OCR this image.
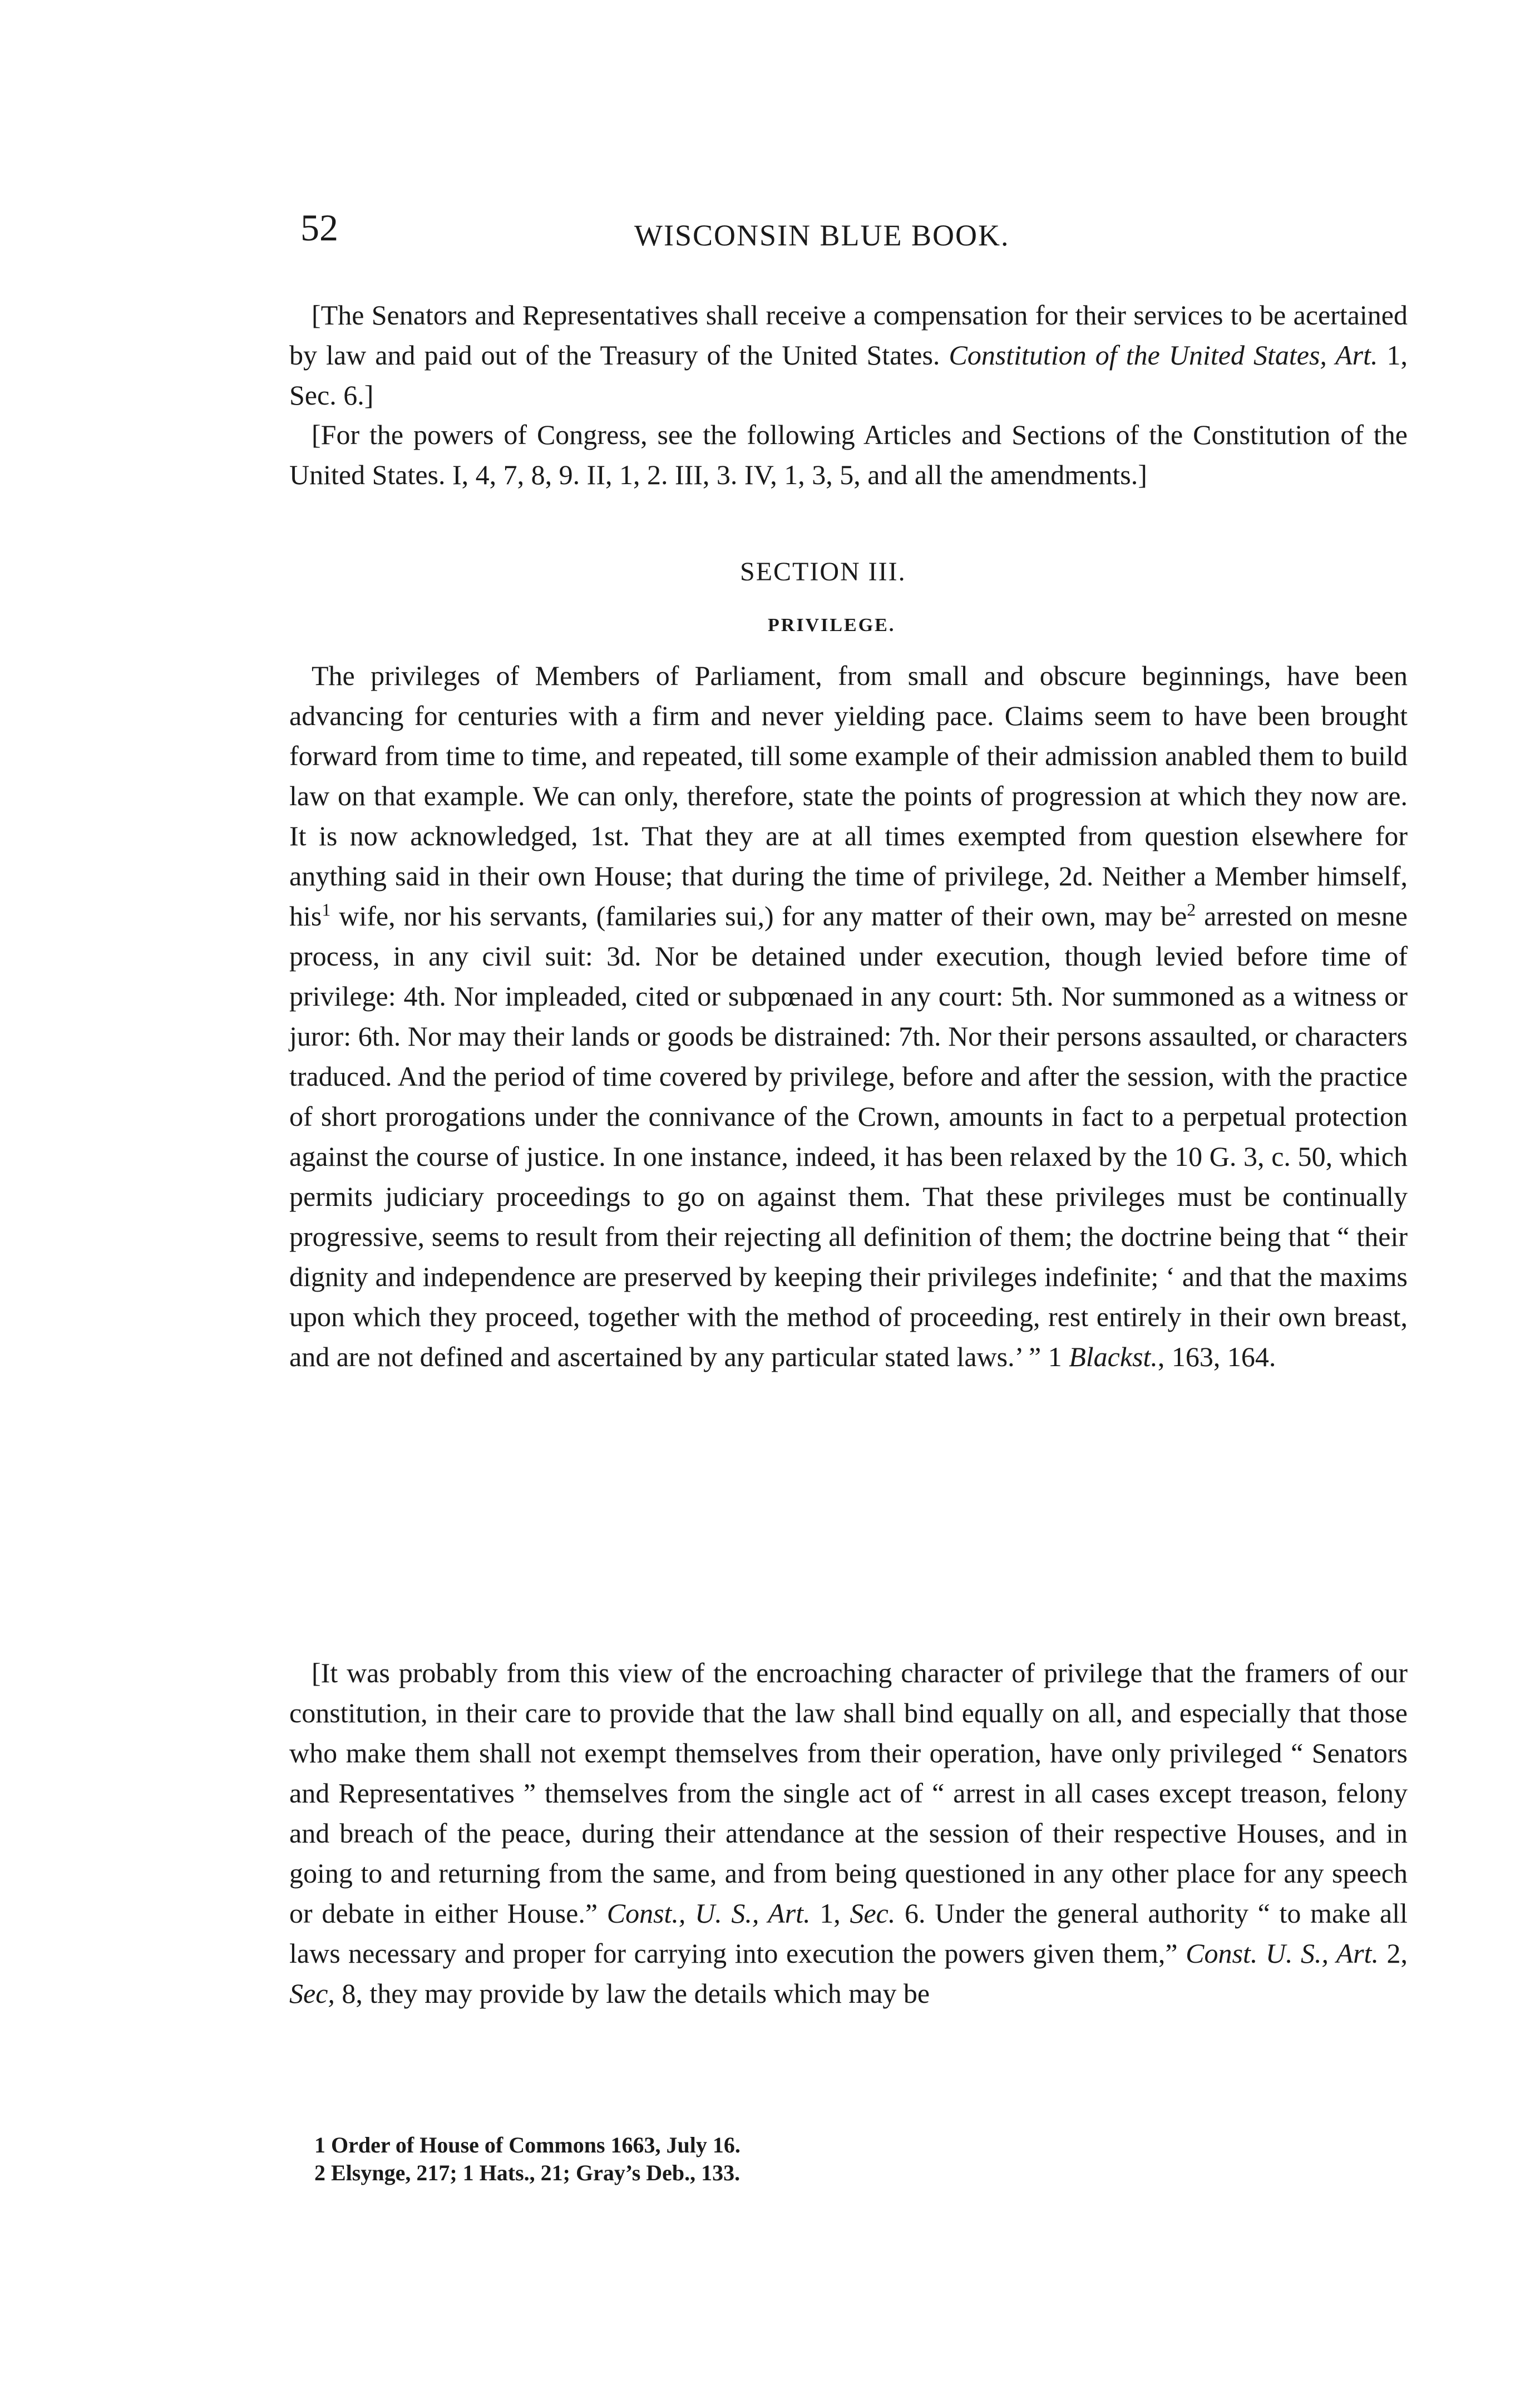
52	WISCONSIN BLUE BOOK.

[The Senators and Representatives shall receive a compensation for their services to be acertained by law and paid out of the Treasury of the United States. Constitution of the United States, Art. 1, Sec. 6.]

[For the powers of Congress, see the following Articles and Sections of the Constitution of the United States. I, 4, 7, 8, 9. II, 1, 2. III, 3. IV, 1, 3, 5, and all the amendments.]

SECTION III.
PRIVILEGE.

The privileges of Members of Parliament, from small and obscure beginnings, have been advancing for centuries with a firm and never yielding pace. Claims seem to have been brought forward from time to time, and repeated, till some example of their admission anabled them to build law on that example. We can only, therefore, state the points of progression at which they now are. It is now acknowledged, 1st. That they are at all times exempted from question elsewhere for anything said in their own House; that during the time of privilege, 2d. Neither a Member himself, his$^1$ wife, nor his servants, (familaries sui,) for any matter of their own, may $be^2$ arrested on mesne process, in any civil suit: 3d. Nor be detained under execution, though levied before time of privilege: 4th. Nor impleaded, cited or subpœnaed in any court: 5th. Nor summoned as a witness or juror: 6th. Nor may their lands or goods be distrained: 7th. Nor their persons assaulted, or characters traduced. And the period of time covered by privilege, before and after the session, with the practice of short prorogations under the connivance of the Crown, amounts in fact to a perpetual protection against the course of justice. In one instance, indeed, it has been relaxed by the 10 G. 3, c. 50, which permits judiciary proceedings to go on against them. That these privileges must be continually progressive, seems to result from their rejecting all definition of them; the doctrine being that “ their dignity and independence are preserved by keeping their privileges indefinite; ‘ and that the maxims upon which they proceed, together with the method of proceeding, rest entirely in their own breast, and are not defined and ascertained by any particular stated laws.’ ” 1 Blackst., 163, 164.

[It was probably from this view of the encroaching character of privilege that the framers of our constitution, in their care to provide that the law shall bind equally on all, and especially that those who make them shall not exempt themselves from their operation, have only privileged “ Senators and Representatives ” themselves from the single act of “ arrest in all cases except treason, felony and breach of the peace, during their attendance at the session of their respective Houses, and in going to and returning from the same, and from being questioned in any other place for any speech or debate in either House.” Const., U. S., Art. 1, Sec. 6. Under the general authority “ to make all laws necessary and proper for carrying into execution the powers given them,” Const. U. S., Art. 2, Sec, 8, they may provide by law the details which may be

1 Order of House of Commons 1663, July 16.
2 Elsynge, 217; 1 Hats., 21; Gray’s Deb., 133.
